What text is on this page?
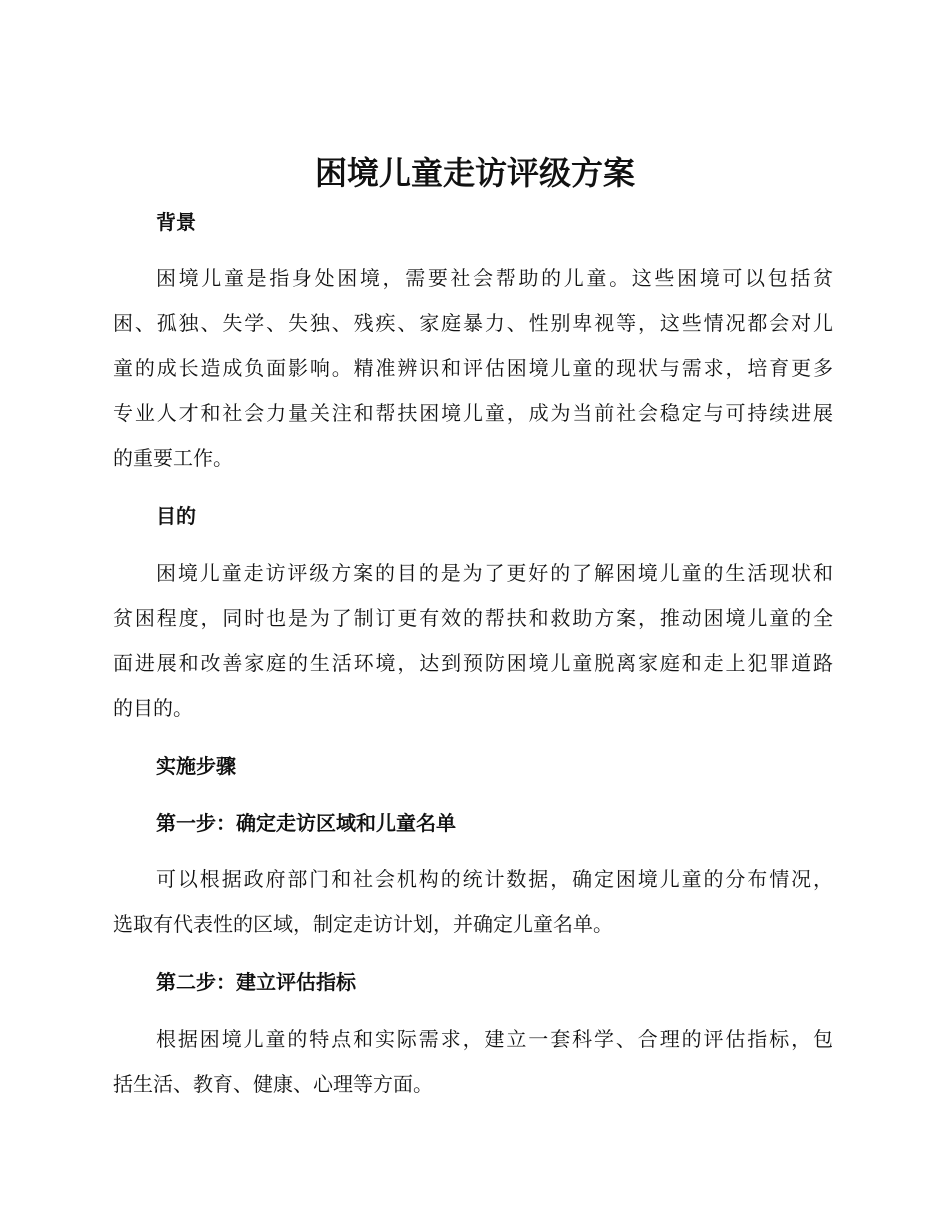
困境儿童走访评级方案
背景
困境儿童是指身处困境，需要社会帮助的儿童。这些困境可以包括贫
困、孤独、失学、失独、残疾、家庭暴力、性别卑视等，这些情况都会对儿
童的成长造成负面影响。精准辨识和评估困境儿童的现状与需求，培育更多
专业人才和社会力量关注和帮扶困境儿童，成为当前社会稳定与可持续进展
的重要工作。
目的
困境儿童走访评级方案的目的是为了更好的了解困境儿童的生活现状和
贫困程度，同时也是为了制订更有效的帮扶和救助方案，推动困境儿童的全
面进展和改善家庭的生活环境，达到预防困境儿童脱离家庭和走上犯罪道路
的目的。
实施步骤
第一步：确定走访区域和儿童名单
可以根据政府部门和社会机构的统计数据，确定困境儿童的分布情况，
选取有代表性的区域，制定走访计划，并确定儿童名单。
第二步：建立评估指标
根据困境儿童的特点和实际需求，建立一套科学、合理的评估指标，包
括生活、教育、健康、心理等方面。
